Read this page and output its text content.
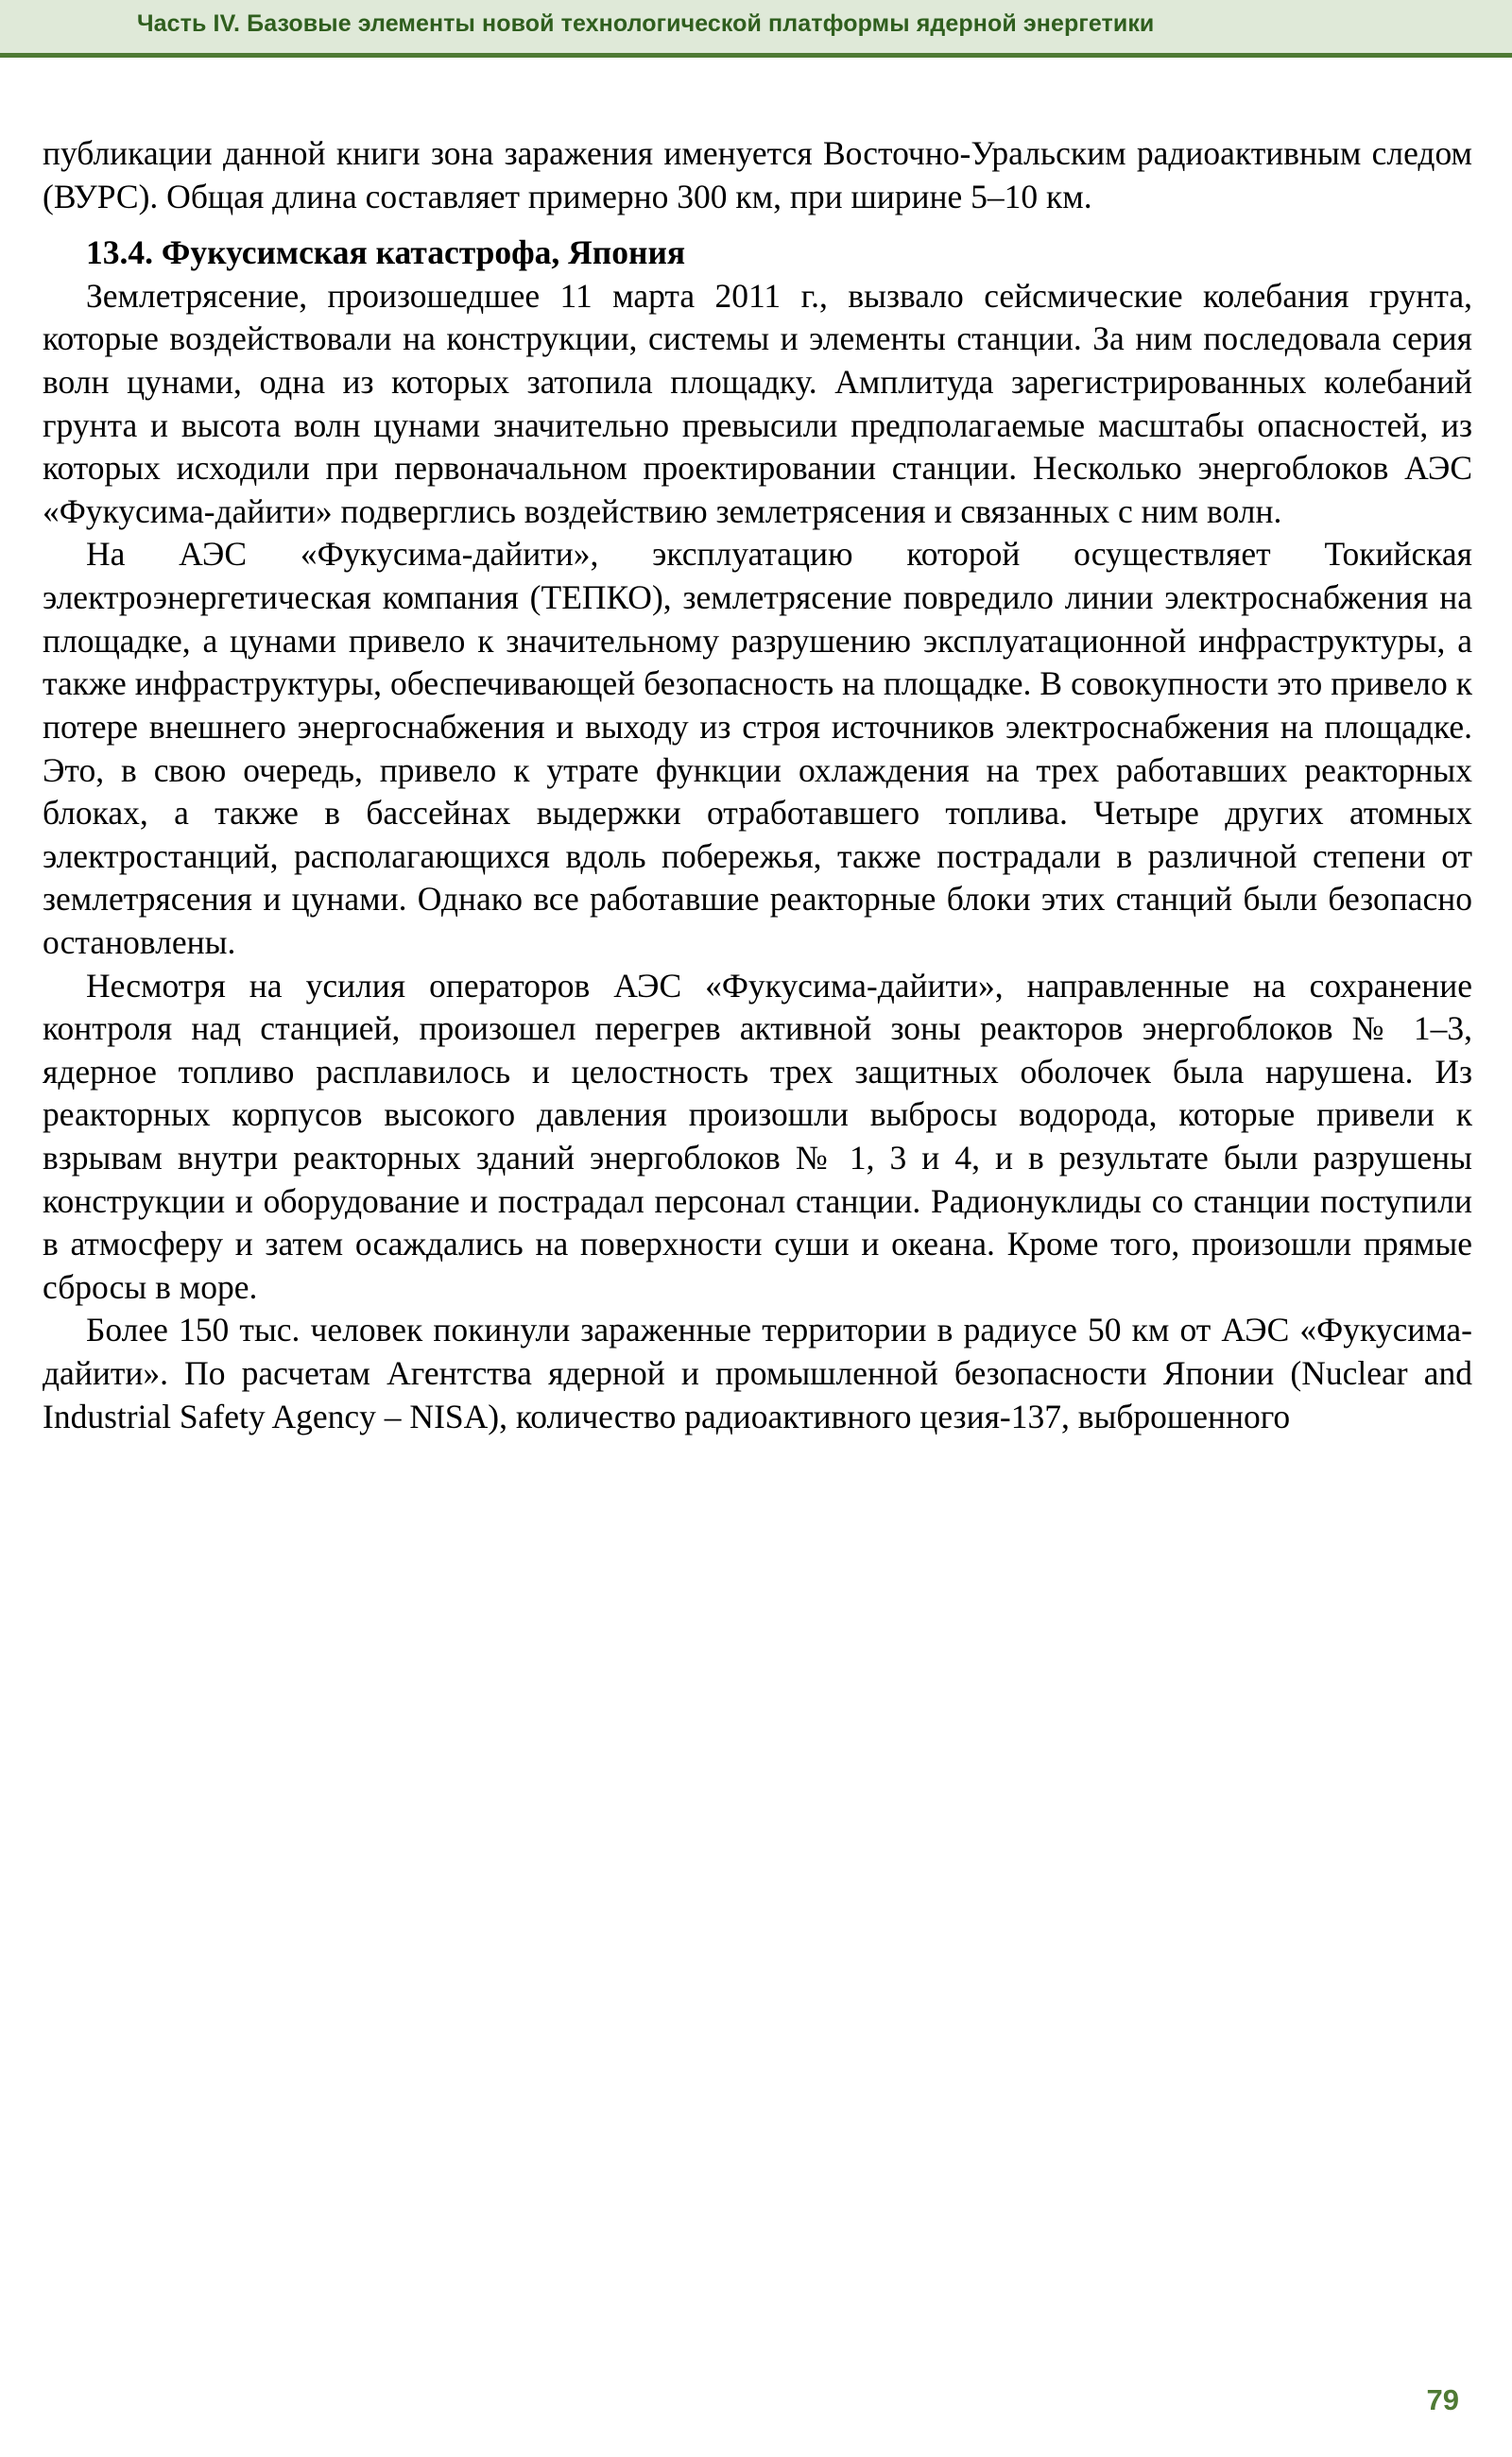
Часть IV. Базовые элементы новой технологической платформы ядерной энергетики

публикации данной книги зона заражения именуется Восточно-Уральским радиоактивным следом (ВУРС). Общая длина составляет примерно 300 км, при ширине 5–10 км.

13.4. Фукусимская катастрофа, Япония

Землетрясение, произошедшее 11 марта 2011 г., вызвало сейсмические колебания грунта, которые воздействовали на конструкции, системы и элементы станции. За ним последовала серия волн цунами, одна из которых затопила площадку. Амплитуда зарегистрированных колебаний грунта и высота волн цунами значительно превысили предполагаемые масштабы опасностей, из которых исходили при первоначальном проектировании станции. Несколько энергоблоков АЭС «Фукусима-дайити» подверглись воздействию землетрясения и связанных с ним волн.

На АЭС «Фукусима-дайити», эксплуатацию которой осуществляет Токийская электроэнергетическая компания (ТЕПКО), землетрясение повредило линии электроснабжения на площадке, а цунами привело к значительному разрушению эксплуатационной инфраструктуры, а также инфраструктуры, обеспечивающей безопасность на площадке. В совокупности это привело к потере внешнего энергоснабжения и выходу из строя источников электроснабжения на площадке. Это, в свою очередь, привело к утрате функции охлаждения на трех работавших реакторных блоках, а также в бассейнах выдержки отработавшего топлива. Четыре других атомных электростанций, располагающихся вдоль побережья, также пострадали в различной степени от землетрясения и цунами. Однако все работавшие реакторные блоки этих станций были безопасно остановлены.

Несмотря на усилия операторов АЭС «Фукусима-дайити», направленные на сохранение контроля над станцией, произошел перегрев активной зоны реакторов энергоблоков № 1–3, ядерное топливо расплавилось и целостность трех защитных оболочек была нарушена. Из реакторных корпусов высокого давления произошли выбросы водорода, которые привели к взрывам внутри реакторных зданий энергоблоков № 1, 3 и 4, и в результате были разрушены конструкции и оборудование и пострадал персонал станции. Радионуклиды со станции поступили в атмосферу и затем осаждались на поверхности суши и океана. Кроме того, произошли прямые сбросы в море.

Более 150 тыс. человек покинули зараженные территории в радиусе 50 км от АЭС «Фукусима-дайити». По расчетам Агентства ядерной и промышленной безопасности Японии (Nuclear and Industrial Safety Agency – NISA), количество радиоактивного цезия-137, выброшенного

79
